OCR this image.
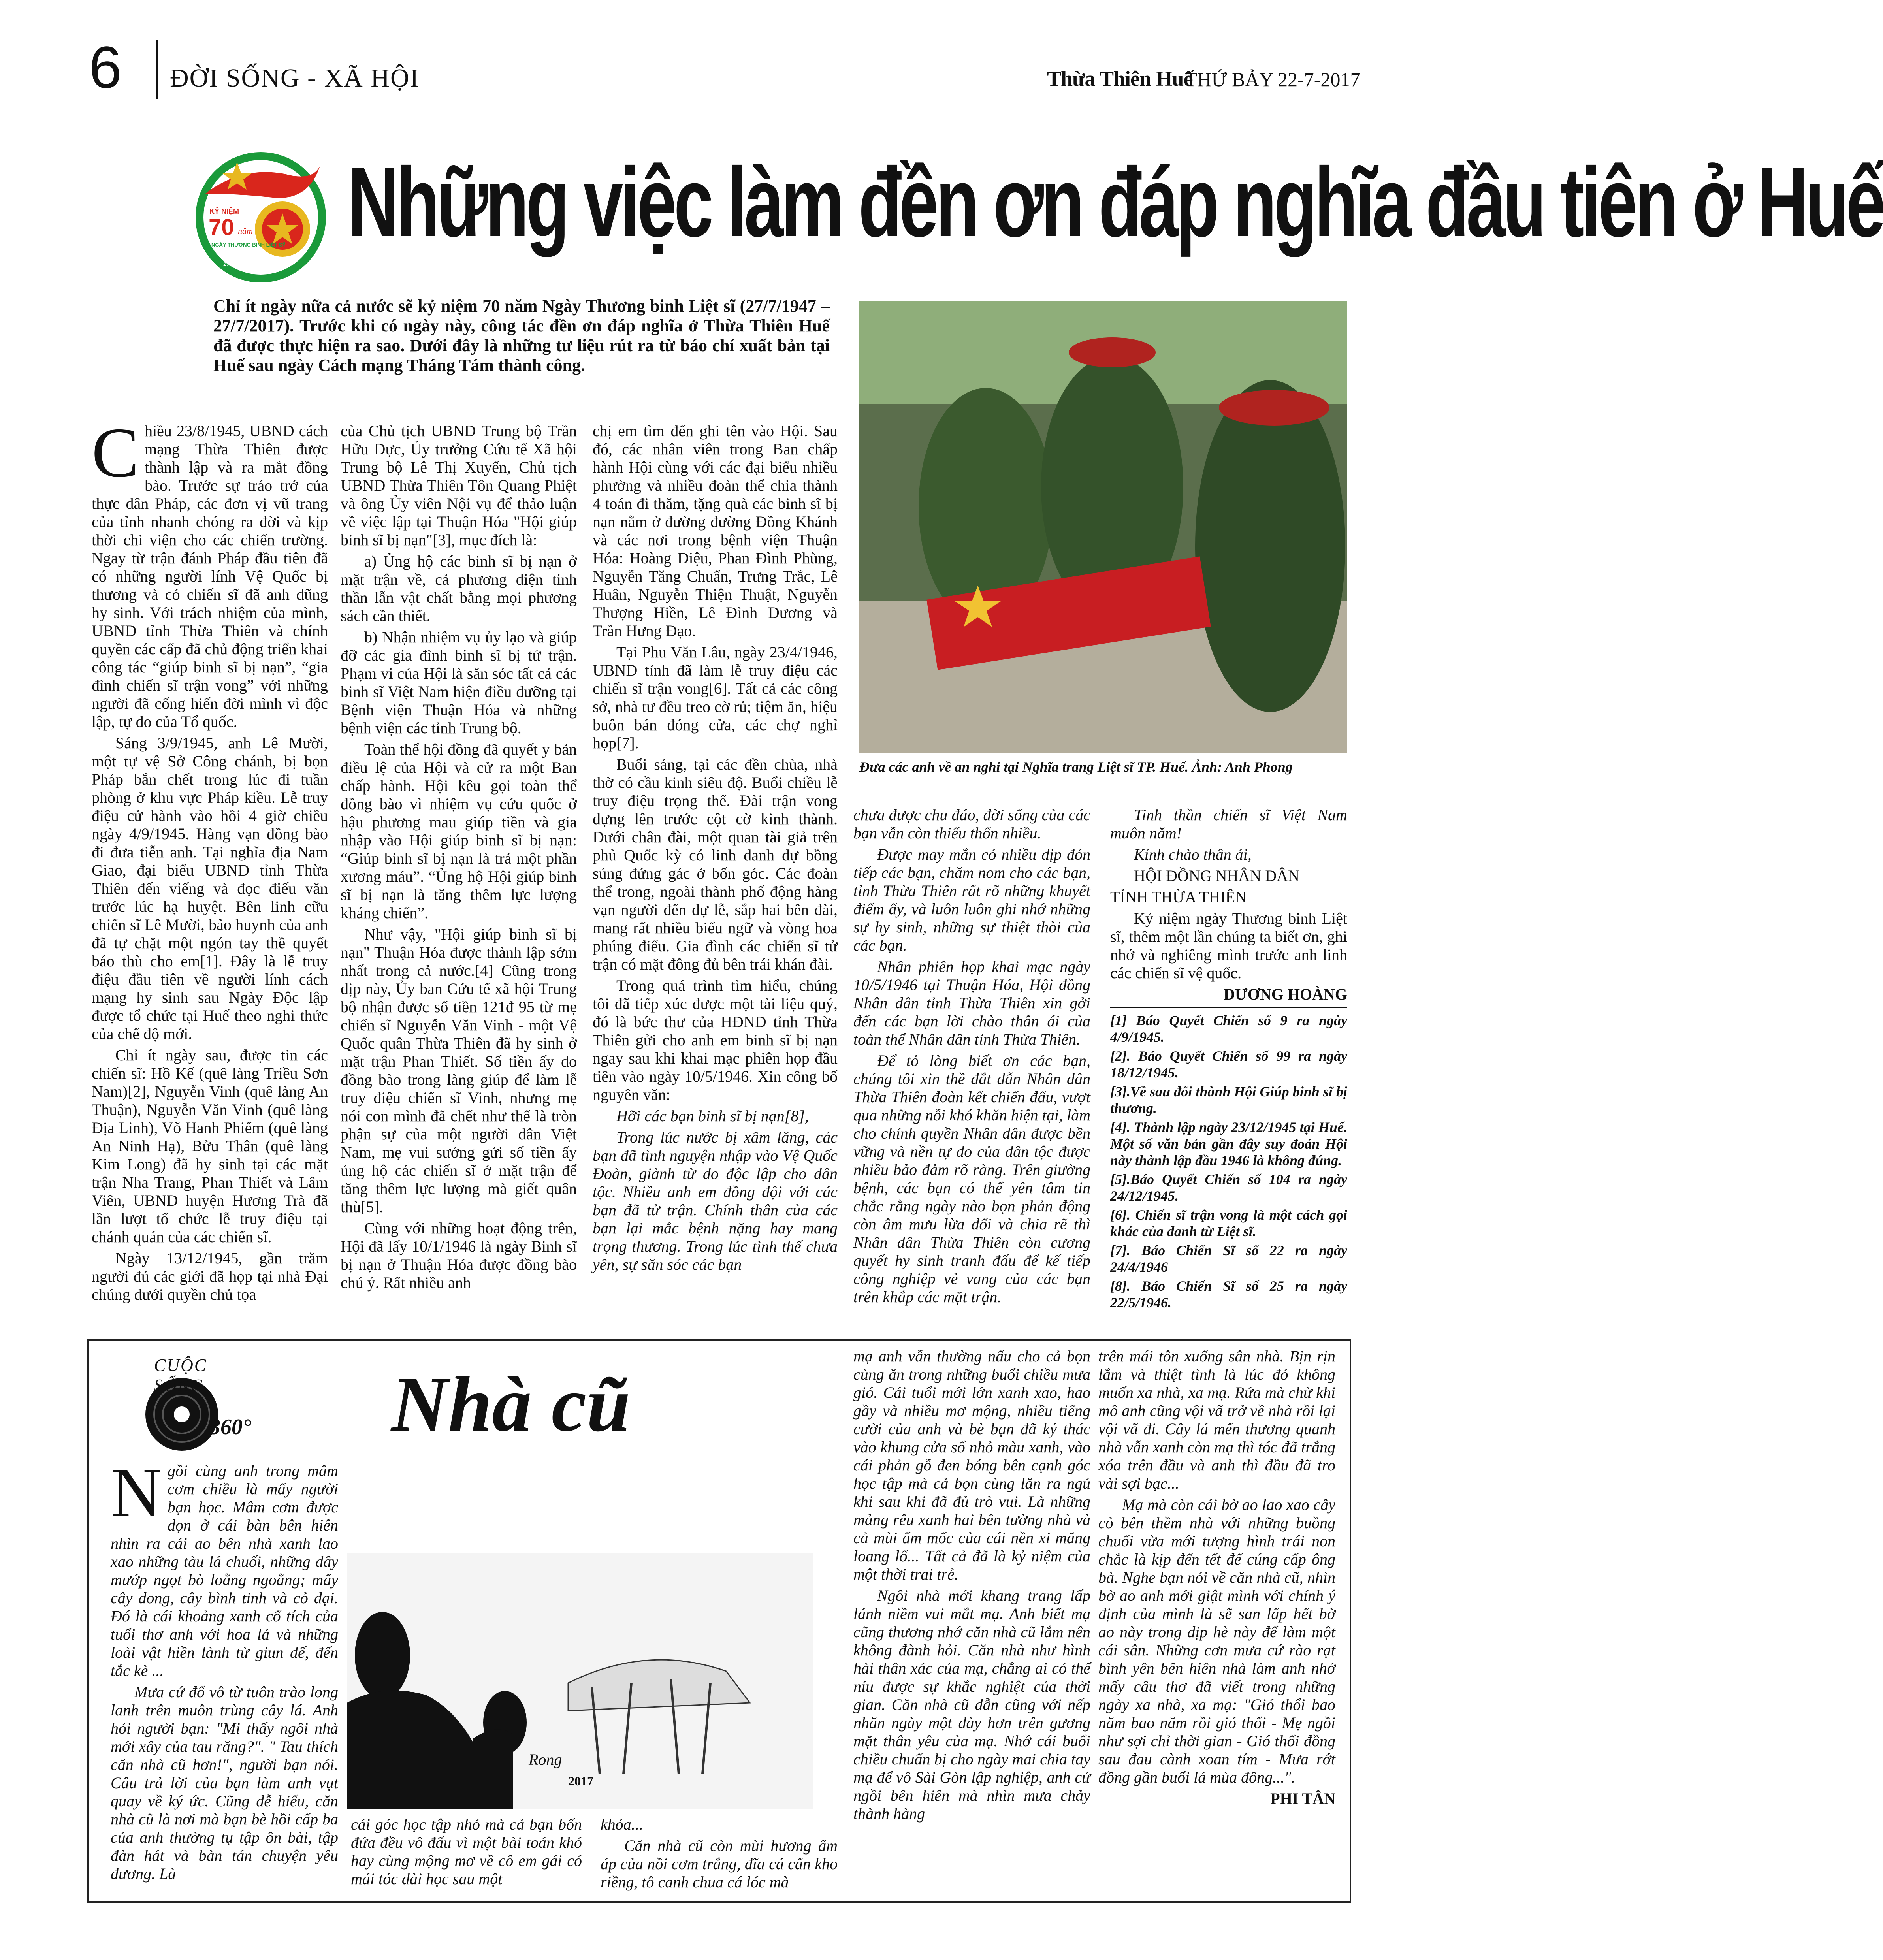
6 ĐỜI SỐNG - XÃ HỘI	Thừa Thiên Huế
THỨ BẢY 22-7-2017
KỶ NIỆM
70 năm
NGÀY THƯƠNG BINH LIỆT SỸ
27/7/1947 - 27/7/2017
Những việc làm đền ơn đáp nghĩa đầu tiên ở Huế
Chỉ ít ngày nữa cả nước sẽ kỷ niệm 70 năm Ngày Thương binh Liệt sĩ (27/7/1947 – 27/7/2017). Trước khi có ngày này, công tác đền ơn đáp nghĩa ở Thừa Thiên Huế đã được thực hiện ra sao. Dưới đây là những tư liệu rút ra từ báo chí xuất bản tại Huế sau ngày Cách mạng Tháng Tám thành công.
Đưa các anh về an nghỉ tại Nghĩa trang Liệt sĩ TP. Huế. Ảnh: Anh Phong

Chiều 23/8/1945, UBND cách mạng Thừa Thiên được thành lập và ra mắt đồng bào. Trước sự tráo trở của thực dân Pháp, các đơn vị vũ trang của tỉnh nhanh chóng ra đời và kịp thời chi viện cho các chiến trường. Ngay từ trận đánh Pháp đầu tiên đã có những người lính Vệ Quốc bị thương và có chiến sĩ đã anh dũng hy sinh. Với trách nhiệm của mình, UBND tỉnh Thừa Thiên và chính quyền các cấp đã chủ động triển khai công tác “giúp binh sĩ bị nạn”, “gia đình chiến sĩ trận vong” với những người đã cống hiến đời mình vì độc lập, tự do của Tổ quốc.

Sáng 3/9/1945, anh Lê Mười, một tự vệ Sở Công chánh, bị bọn Pháp bắn chết trong lúc đi tuần phòng ở khu vực Pháp kiều. Lễ truy điệu cử hành vào hồi 4 giờ chiều ngày 4/9/1945. Hàng vạn đồng bào đi đưa tiễn anh. Tại nghĩa địa Nam Giao, đại biểu UBND tỉnh Thừa Thiên đến viếng và đọc điếu văn trước lúc hạ huyệt. Bên linh cữu chiến sĩ Lê Mười, bảo huynh của anh đã tự chặt một ngón tay thề quyết báo thù cho em[1]. Đây là lễ truy điệu đầu tiên về người lính cách mạng hy sinh sau Ngày Độc lập được tổ chức tại Huế theo nghi thức của chế độ mới.

Chỉ ít ngày sau, được tin các chiến sĩ: Hồ Kế (quê làng Triều Sơn Nam)[2], Nguyễn Vinh (quê làng An Thuận), Nguyễn Văn Vinh (quê làng Địa Linh), Võ Hanh Phiếm (quê làng An Ninh Hạ), Bửu Thân (quê làng Kim Long) đã hy sinh tại các mặt trận Nha Trang, Phan Thiết và Lâm Viên, UBND huyện Hương Trà đã lần lượt tổ chức lễ truy điệu tại chánh quán của các chiến sĩ.

Ngày 13/12/1945, gần trăm người đủ các giới đã họp tại nhà Đại chúng dưới quyền chủ tọa

của Chủ tịch UBND Trung bộ Trần Hữu Dực, Ủy trưởng Cứu tế Xã hội Trung bộ Lê Thị Xuyến, Chủ tịch UBND Thừa Thiên Tôn Quang Phiệt và ông Ủy viên Nội vụ để thảo luận về việc lập tại Thuận Hóa "Hội giúp binh sĩ bị nạn"[3], mục đích là:

a) Ủng hộ các binh sĩ bị nạn ở mặt trận về, cả phương diện tinh thần lẫn vật chất bằng mọi phương sách cần thiết.

b) Nhận nhiệm vụ ủy lạo và giúp đỡ các gia đình binh sĩ bị tử trận. Phạm vi của Hội là săn sóc tất cả các binh sĩ Việt Nam hiện điều dưỡng tại Bệnh viện Thuận Hóa và những bệnh viện các tỉnh Trung bộ.

Toàn thể hội đồng đã quyết y bản điều lệ của Hội và cử ra một Ban chấp hành. Hội kêu gọi toàn thể đồng bào vì nhiệm vụ cứu quốc ở hậu phương mau giúp tiền và gia nhập vào Hội giúp binh sĩ bị nạn: “Giúp binh sĩ bị nạn là trả một phần xương máu”. “Ủng hộ Hội giúp binh sĩ bị nạn là tăng thêm lực lượng kháng chiến”.

Như vậy, "Hội giúp binh sĩ bị nạn" Thuận Hóa được thành lập sớm nhất trong cả nước.[4] Cũng trong dịp này, Ủy ban Cứu tế xã hội Trung bộ nhận được số tiền 121đ 95 từ mẹ chiến sĩ Nguyễn Văn Vinh - một Vệ Quốc quân Thừa Thiên đã hy sinh ở mặt trận Phan Thiết. Số tiền ấy do đồng bào trong làng giúp để làm lễ truy điệu chiến sĩ Vinh, nhưng mẹ nói con mình đã chết như thế là tròn phận sự của một người dân Việt Nam, mẹ vui sướng gửi số tiền ấy ủng hộ các chiến sĩ ở mặt trận để tăng thêm lực lượng mà giết quân thù[5].

Cùng với những hoạt động trên, Hội đã lấy 10/1/1946 là ngày Binh sĩ bị nạn ở Thuận Hóa được đồng bào chú ý. Rất nhiều anh

chị em tìm đến ghi tên vào Hội. Sau đó, các nhân viên trong Ban chấp hành Hội cùng với các đại biểu nhiều phường và nhiều đoàn thể chia thành 4 toán đi thăm, tặng quà các binh sĩ bị nạn nằm ở đường đường Đồng Khánh và các nơi trong bệnh viện Thuận Hóa: Hoàng Diệu, Phan Đình Phùng, Nguyễn Tăng Chuẩn, Trưng Trắc, Lê Huân, Nguyễn Thiện Thuật, Nguyễn Thượng Hiền, Lê Đình Dương và Trần Hưng Đạo.

Tại Phu Văn Lâu, ngày 23/4/1946, UBND tỉnh đã làm lễ truy điệu các chiến sĩ trận vong[6]. Tất cả các công sở, nhà tư đều treo cờ rủ; tiệm ăn, hiệu buôn bán đóng cửa, các chợ nghỉ họp[7].

Buổi sáng, tại các đền chùa, nhà thờ có cầu kinh siêu độ. Buổi chiều lễ truy điệu trọng thể. Đài trận vong dựng lên trước cột cờ kinh thành. Dưới chân đài, một quan tài giả trên phủ Quốc kỳ có linh danh dự bồng súng đứng gác ở bốn góc. Các đoàn thể trong, ngoài thành phố động hàng vạn người đến dự lễ, sắp hai bên đài, mang rất nhiều biểu ngữ và vòng hoa phúng điếu. Gia đình các chiến sĩ tử trận có mặt đông đủ bên trái khán đài.

Trong quá trình tìm hiểu, chúng tôi đã tiếp xúc được một tài liệu quý, đó là bức thư của HĐND tỉnh Thừa Thiên gửi cho anh em binh sĩ bị nạn ngay sau khi khai mạc phiên họp đầu tiên vào ngày 10/5/1946. Xin công bố nguyên văn:

Hỡi các bạn binh sĩ bị nạn[8],

Trong lúc nước bị xâm lăng, các bạn đã tình nguyện nhập vào Vệ Quốc Đoàn, giành từ do độc lập cho dân tộc. Nhiều anh em đồng đội với các bạn đã tử trận. Chính thân của các bạn lại mắc bệnh nặng hay mang trọng thương. Trong lúc tình thế chưa yên, sự săn sóc các bạn

chưa được chu đáo, đời sống của các bạn vẫn còn thiếu thốn nhiều.

Được may mắn có nhiều dịp đón tiếp các bạn, chăm nom cho các bạn, tỉnh Thừa Thiên rất rõ những khuyết điểm ấy, và luôn luôn ghi nhớ những sự hy sinh, những sự thiệt thòi của các bạn.

Nhân phiên họp khai mạc ngày 10/5/1946 tại Thuận Hóa, Hội đồng Nhân dân tỉnh Thừa Thiên xin gởi đến các bạn lời chào thân ái của toàn thể Nhân dân tỉnh Thừa Thiên.

Để tỏ lòng biết ơn các bạn, chúng tôi xin thề đắt dẫn Nhân dân Thừa Thiên đoàn kết chiến đấu, vượt qua những nỗi khó khăn hiện tại, làm cho chính quyền Nhân dân được bền vững và nền tự do của dân tộc được nhiều bảo đảm rõ ràng. Trên giường bệnh, các bạn có thể yên tâm tin chắc rằng ngày nào bọn phản động còn âm mưu lừa dối và chia rẽ thì Nhân dân Thừa Thiên còn cương quyết hy sinh tranh đấu để kế tiếp công nghiệp vẻ vang của các bạn trên khắp các mặt trận.

Tinh thần chiến sĩ Việt Nam muôn năm!

Kính chào thân ái,

HỘI ĐỒNG NHÂN DÂN

TỈNH THỪA THIÊN

Kỷ niệm ngày Thương binh Liệt sĩ, thêm một lần chúng ta biết ơn, ghi nhớ và nghiêng mình trước anh linh các chiến sĩ vệ quốc.

DƯƠNG HOÀNG

[1] Báo Quyết Chiến số 9 ra ngày 4/9/1945.

[2]. Báo Quyết Chiến số 99 ra ngày 18/12/1945.

[3].Về sau đổi thành Hội Giúp binh sĩ bị thương.

[4]. Thành lập ngày 23/12/1945 tại Huế. Một số văn bản gần đây suy đoán Hội này thành lập đầu 1946 là không đúng.

[5].Báo Quyết Chiến số 104 ra ngày 24/12/1945.

[6]. Chiến sĩ trận vong là một cách gọi khác của danh từ Liệt sĩ.

[7]. Báo Chiến Sĩ số 22 ra ngày 24/4/1946

[8]. Báo Chiến Sĩ số 25 ra ngày 22/5/1946.

CUỘC SỐNG
360° Nhà cũ
Rong
2017

Ngồi cùng anh trong mâm cơm chiều là mấy người bạn học. Mâm cơm được dọn ở cái bàn bên hiên nhìn ra cái ao bên nhà xanh lao xao những tàu lá chuối, những dây mướp ngọt bò loằng ngoằng; mấy cây dong, cây bình tinh và cỏ dại. Đó là cái khoảng xanh cổ tích của tuổi thơ anh với hoa lá và những loài vật hiền lành từ giun dế, đến tắc kè ...

Mưa cứ đổ vô từ tuôn trào long lanh trên muôn trùng cây lá. Anh hỏi người bạn: "Mi thấy ngôi nhà mới xây của tau răng?". " Tau thích căn nhà cũ hơn!", người bạn nói. Câu trả lời của bạn làm anh vụt quay về ký ức. Cũng dễ hiểu, căn nhà cũ là nơi mà bạn bè hồi cấp ba của anh thường tụ tập ôn bài, tập đàn hát và bàn tán chuyện yêu đương. Là

cái góc học tập nhỏ mà cả bạn bốn đứa đều vô đấu vì một bài toán khó hay cùng mộng mơ về cô em gái có mái tóc dài học sau một

khóa...

Căn nhà cũ còn mùi hương ấm áp của nồi cơm trắng, đĩa cá cấn kho riềng, tô canh chua cá lóc mà

mạ anh vẫn thường nấu cho cả bọn cùng ăn trong những buổi chiều mưa gió. Cái tuổi mới lớn xanh xao, hao gầy và nhiều mơ mộng, nhiều tiếng cười của anh và bè bạn đã ký thác vào khung cửa sổ nhỏ màu xanh, vào cái phản gỗ đen bóng bên cạnh góc học tập mà cả bọn cùng lăn ra ngủ khi sau khi đã đủ trò vui. Là những mảng rêu xanh hai bên tường nhà và cả mùi ẩm mốc của cái nền xi măng loang lổ... Tất cả đã là kỷ niệm của một thời trai trẻ.

Ngôi nhà mới khang trang lấp lánh niềm vui mắt mạ. Anh biết mạ cũng thương nhớ căn nhà cũ lắm nên không đành hỏi. Căn nhà như hình hài thân xác của mạ, chẳng ai có thể níu được sự khắc nghiệt của thời gian. Căn nhà cũ dẫn cũng với nếp nhăn ngày một dày hơn trên gương mặt thân yêu của mạ. Nhớ cái buổi chiều chuẩn bị cho ngày mai chia tay mạ để vô Sài Gòn lập nghiệp, anh cứ ngồi bên hiên mà nhìn mưa chảy thành hàng

trên mái tôn xuống sân nhà. Bịn rịn lắm và thiệt tình là lúc đó không muốn xa nhà, xa mạ. Rứa mà chừ khi mô anh cũng vội vã trở về nhà rồi lại vội vã đi. Cây lá mến thương quanh nhà vẫn xanh còn mạ thì tóc đã trắng xóa trên đầu và anh thì đầu đã tro vài sợi bạc...

Mạ mà còn cái bờ ao lao xao cây cỏ bên thềm nhà với những buồng chuối vừa mới tượng hình trái non chắc là kịp đến tết để cúng cấp ông bà. Nghe bạn nói về căn nhà cũ, nhìn bờ ao anh mới giật mình với chính ý định của mình là sẽ san lấp hết bờ ao này trong dịp hè này để làm một cái sân. Những cơn mưa cứ rào rạt bình yên bên hiên nhà làm anh nhớ mấy câu thơ đã viết trong những ngày xa nhà, xa mạ: "Gió thổi bao năm bao năm rồi gió thổi - Mẹ ngồi như sợi chỉ thời gian - Gió thổi đồng sau đau cành xoan tím - Mưa rớt đồng gần buổi lá mùa đông...".

PHI TÂN
